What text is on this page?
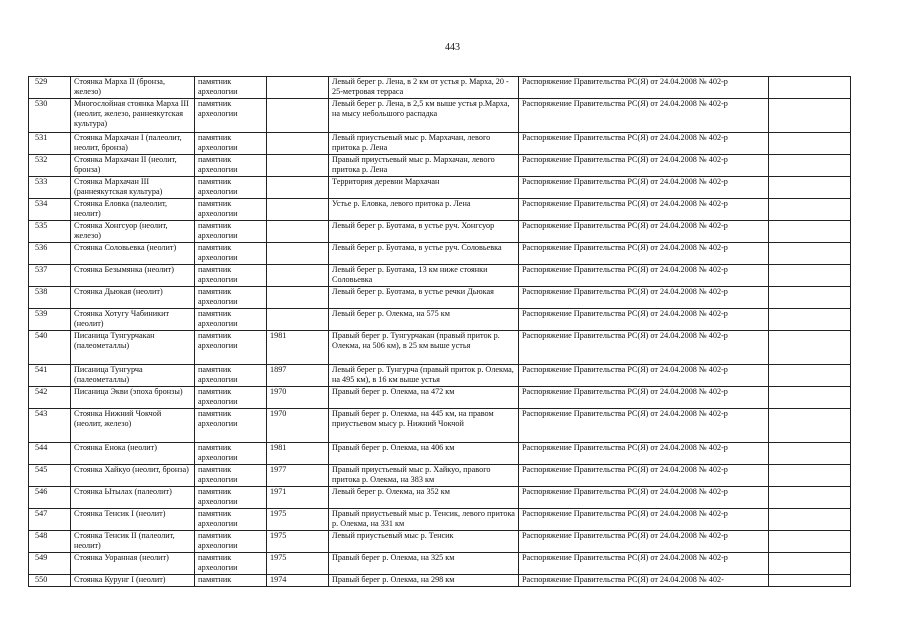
443
529	Стоянка Марха II (бронза, железо)	памятник археологии		Левый берег р. Лена, в 2 км от устья р. Марха, 20 - 25-метровая терраса	Распоряжение Правительства РС(Я) от 24.04.2008 № 402-р	
530	Многослойная стоянка Марха III (неолит, железо, раннеякутская культура)	памятник археологии		Левый берег р. Лена, в 2,5 км выше устья р.Марха, на мысу небольшого распадка	Распоряжение Правительства РС(Я) от 24.04.2008 № 402-р	
531	Стоянка Мархачан I (палеолит, неолит, бронза)	памятник археологии		Левый приустьевый мыс р. Мархачан, левого притока р. Лена	Распоряжение Правительства РС(Я) от 24.04.2008 № 402-р	
532	Стоянка Мархачан II (неолит, бронза)	памятник археологии		Правый приустьевый мыс р. Мархачан, левого притока р. Лена	Распоряжение Правительства РС(Я) от 24.04.2008 № 402-р	
533	Стоянка Мархачан III (раннеякутская культура)	памятник археологии		Территория деревни Мархачан	Распоряжение Правительства РС(Я) от 24.04.2008 № 402-р	
534	Стоянка Еловка (палеолит, неолит)	памятник археологии		Устье р. Еловка, левого притока р. Лена	Распоряжение Правительства РС(Я) от 24.04.2008 № 402-р	
535	Стоянка Хонгсуор (неолит, железо)	памятник археологии		Левый берег р. Буотама, в устье руч. Хонгсуор	Распоряжение Правительства РС(Я) от 24.04.2008 № 402-р	
536	Стоянка Соловьевка (неолит)	памятник археологии		Левый берег р. Буотама, в устье руч. Соловьевка	Распоряжение Правительства РС(Я) от 24.04.2008 № 402-р	
537	Стоянка Безымянка (неолит)	памятник археологии		Левый берег р. Буотама, 13 км ниже стоянки Соловьевка	Распоряжение Правительства РС(Я) от 24.04.2008 № 402-р	
538	Стоянка Дьюкая (неолит)	памятник археологии		Левый берег р. Буотама, в устье речки Дьюкая	Распоряжение Правительства РС(Я) от 24.04.2008 № 402-р	
539	Стоянка Хотугу Чабиникит (неолит)	памятник археологии		Левый берег р. Олекма, на 575 км	Распоряжение Правительства РС(Я) от 24.04.2008 № 402-р	
540	Писаница Тунгурчакан (палеометаллы)	памятник археологии	1981	Правый берег р. Тунгурчакан (правый приток р. Олекма, на 506 км), в 25 км выше устья	Распоряжение Правительства РС(Я) от 24.04.2008 № 402-р	
541	Писаница Тунгурча (палеометаллы)	памятник археологии	1897	Левый берег р. Тунгурча (правый приток р. Олекма, на 495 км), в 16 км выше устья	Распоряжение Правительства РС(Я) от 24.04.2008 № 402-р	
542	Писаница Экви (эпоха бронзы)	памятник археологии	1970	Правый берег р. Олекма, на 472 км	Распоряжение Правительства РС(Я) от 24.04.2008 № 402-р	
543	Стоянка Нижний Чокчой (неолит, железо)	памятник археологии	1970	Правый берег р. Олекма, на 445 км, на правом приустьевом мысу р. Нижний Чокчой	Распоряжение Правительства РС(Я) от 24.04.2008 № 402-р	
544	Стоянка Енока (неолит)	памятник археологии	1981	Правый берег р. Олекма, на 406 км	Распоряжение Правительства РС(Я) от 24.04.2008 № 402-р	
545	Стоянка Хайкуо (неолит, бронза)	памятник археологии	1977	Правый приустьевый мыс р. Хайкуо, правого притока р. Олекма, на 383 км	Распоряжение Правительства РС(Я) от 24.04.2008 № 402-р	
546	Стоянка Ытылах (палеолит)	памятник археологии	1971	Левый берег р. Олекма, на 352 км	Распоряжение Правительства РС(Я) от 24.04.2008 № 402-р	
547	Стоянка Тенсик I (неолит)	памятник археологии	1975	Правый приустьевый мыс р. Тенсик, левого притока р. Олекма, на 331 км	Распоряжение Правительства РС(Я) от 24.04.2008 № 402-р	
548	Стоянка Тенсик II (палеолит, неолит)	памятник археологии	1975	Левый приустьевый мыс р. Тенсик	Распоряжение Правительства РС(Я) от 24.04.2008 № 402-р	
549	Стоянка Уоранная (неолит)	памятник археологии	1975	Правый берег р. Олекма, на 325 км	Распоряжение Правительства РС(Я) от 24.04.2008 № 402-р	
550	Стоянка Курунг I (неолит)	памятник	1974	Правый берег р. Олекма, на 298 км	Распоряжение Правительства РС(Я) от 24.04.2008 № 402-	
